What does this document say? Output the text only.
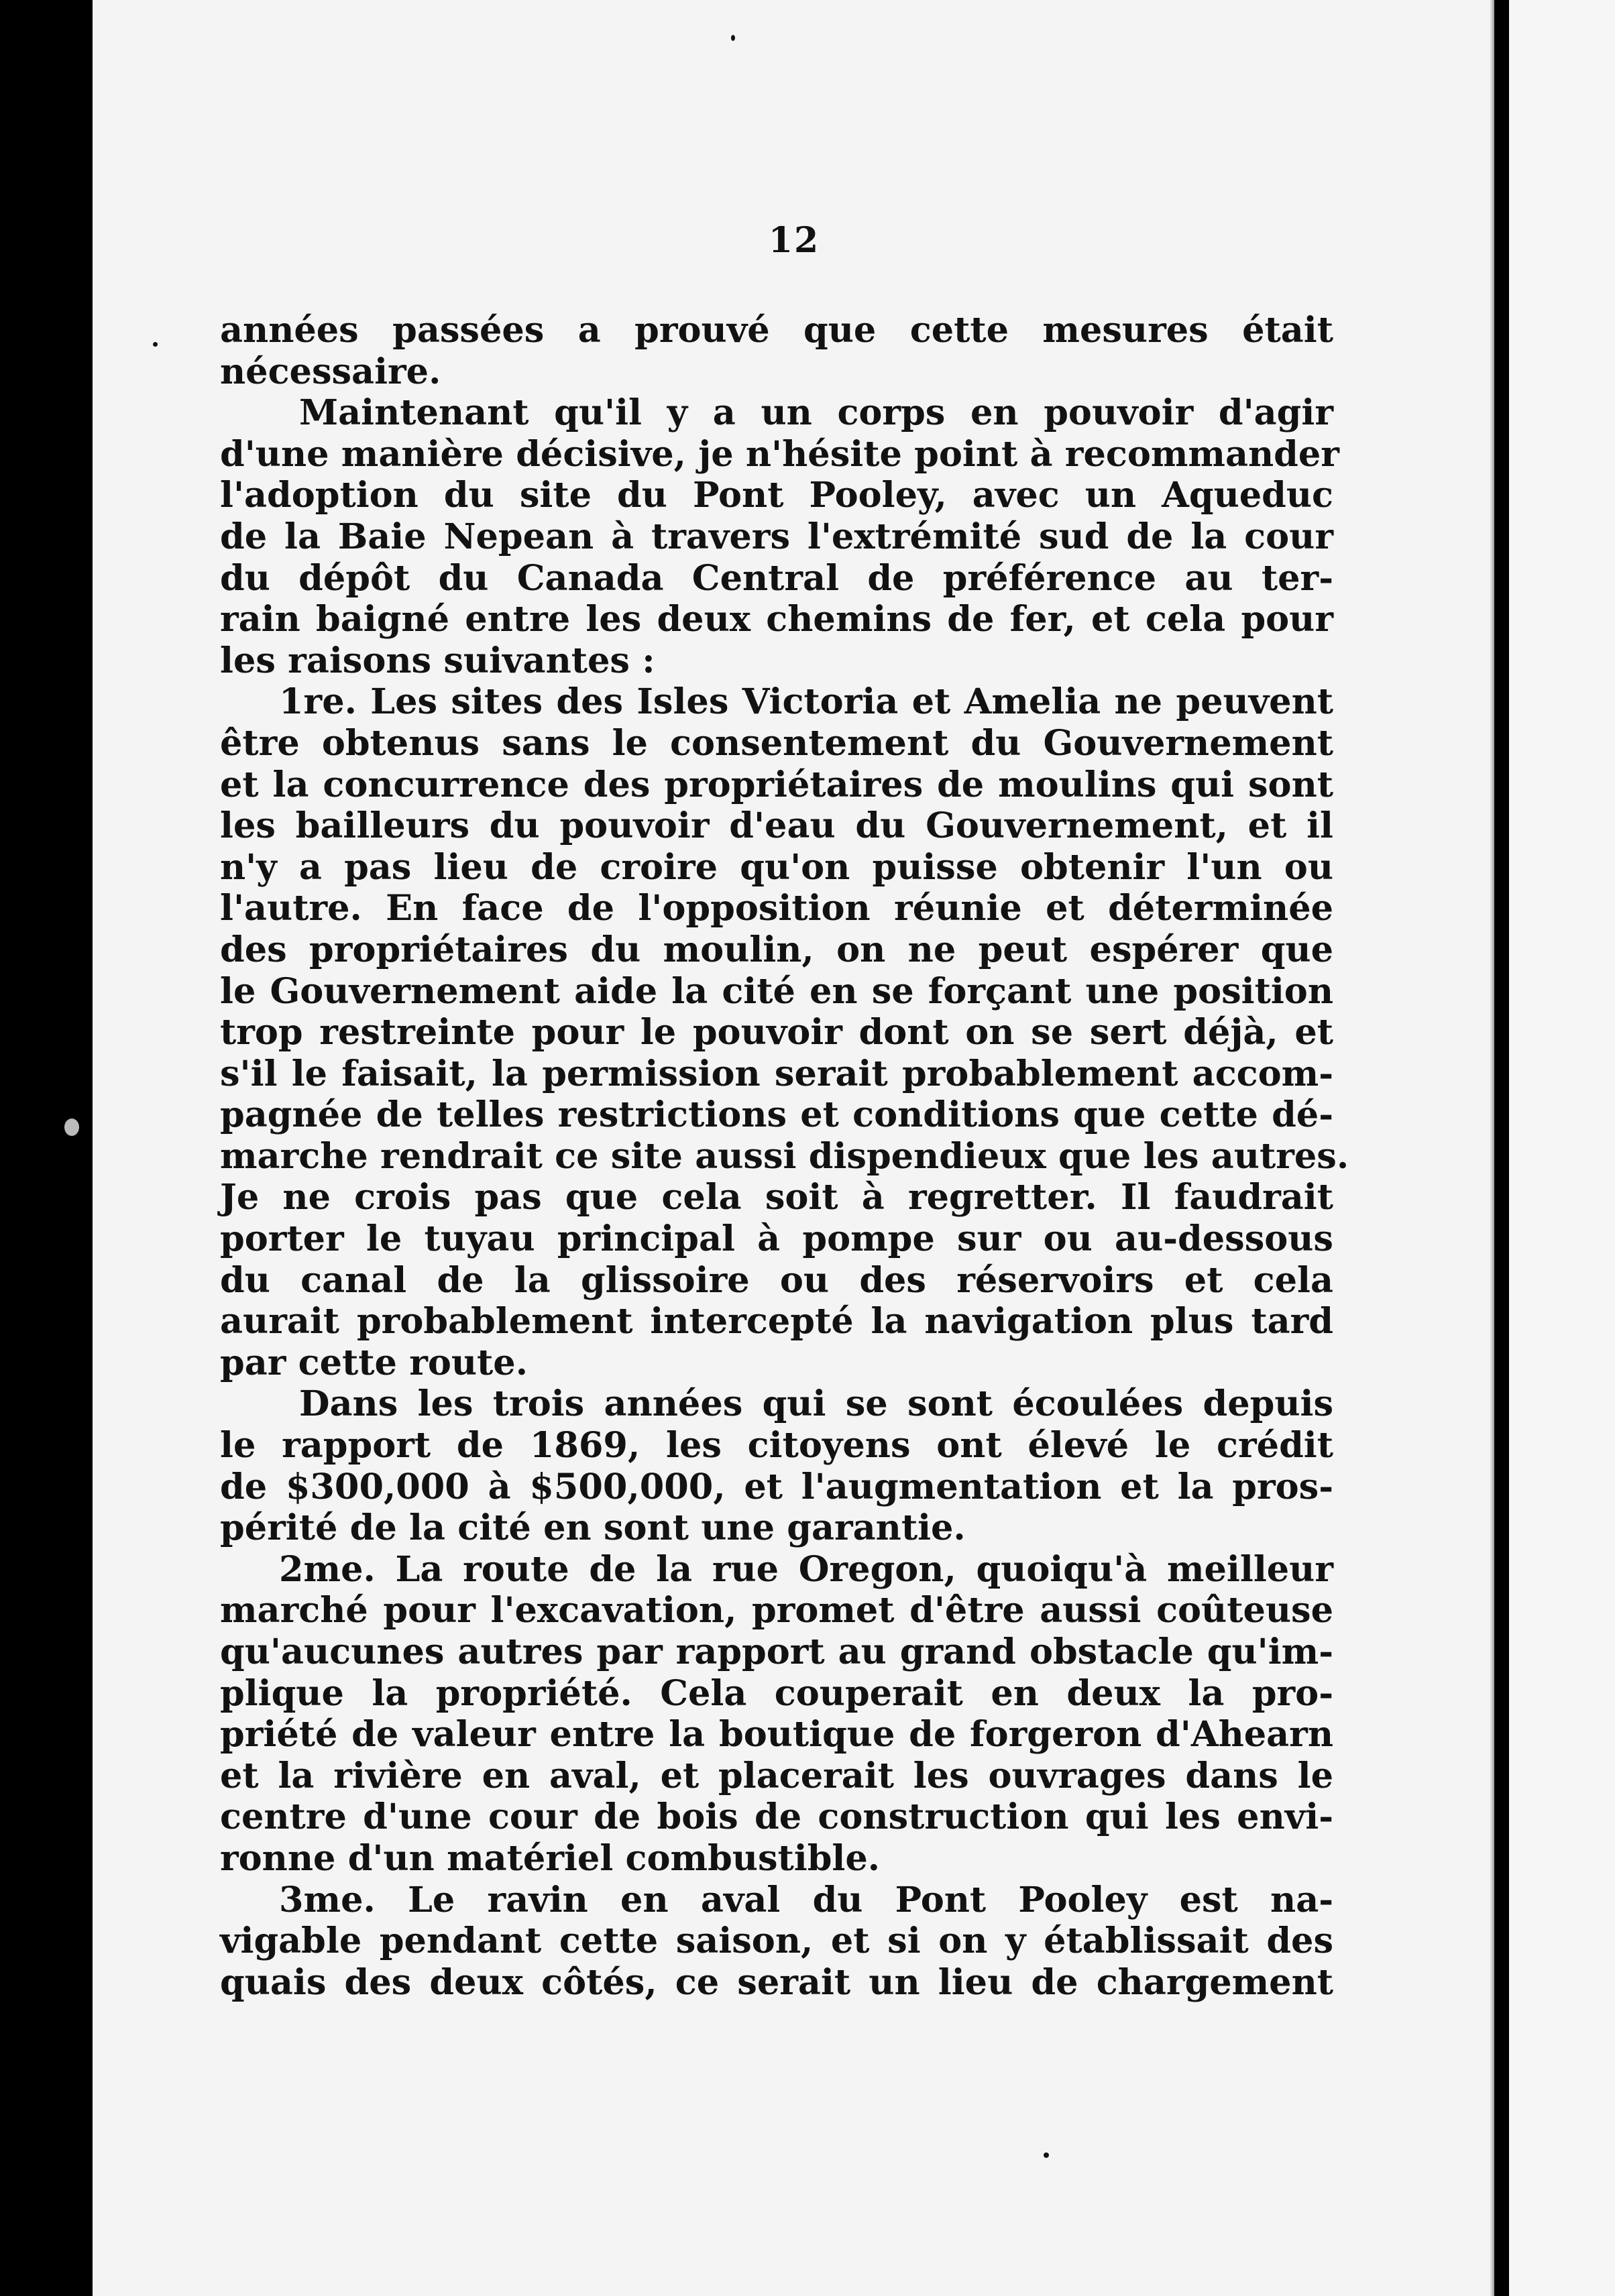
12
années passées a prouvé que cette mesures était
nécessaire.
Maintenant qu'il y a un corps en pouvoir d'agir
d'une manière décisive, je n'hésite point à recommander
l'adoption du site du Pont Pooley, avec un Aqueduc
de la Baie Nepean à travers l'extrémité sud de la cour
du dépôt du Canada Central de préférence au ter-
rain baigné entre les deux chemins de fer, et cela pour
les raisons suivantes :
1re. Les sites des Isles Victoria et Amelia ne peuvent
être obtenus sans le consentement du Gouvernement
et la concurrence des propriétaires de moulins qui sont
les bailleurs du pouvoir d'eau du Gouvernement, et il
n'y a pas lieu de croire qu'on puisse obtenir l'un ou
l'autre. En face de l'opposition réunie et déterminée
des propriétaires du moulin, on ne peut espérer que
le Gouvernement aide la cité en se forçant une position
trop restreinte pour le pouvoir dont on se sert déjà, et
s'il le faisait, la permission serait probablement accom-
pagnée de telles restrictions et conditions que cette dé-
marche rendrait ce site aussi dispendieux que les autres.
Je ne crois pas que cela soit à regretter. Il faudrait
porter le tuyau principal à pompe sur ou au-dessous
du canal de la glissoire ou des réservoirs et cela
aurait probablement intercepté la navigation plus tard
par cette route.
Dans les trois années qui se sont écoulées depuis
le rapport de 1869, les citoyens ont élevé le crédit
de $300,000 à $500,000, et l'augmentation et la pros-
périté de la cité en sont une garantie.
2me. La route de la rue Oregon, quoiqu'à meilleur
marché pour l'excavation, promet d'être aussi coûteuse
qu'aucunes autres par rapport au grand obstacle qu'im-
plique la propriété. Cela couperait en deux la pro-
priété de valeur entre la boutique de forgeron d'Ahearn
et la rivière en aval, et placerait les ouvrages dans le
centre d'une cour de bois de construction qui les envi-
ronne d'un matériel combustible.
3me. Le ravin en aval du Pont Pooley est na-
vigable pendant cette saison, et si on y établissait des
quais des deux côtés, ce serait un lieu de chargement
